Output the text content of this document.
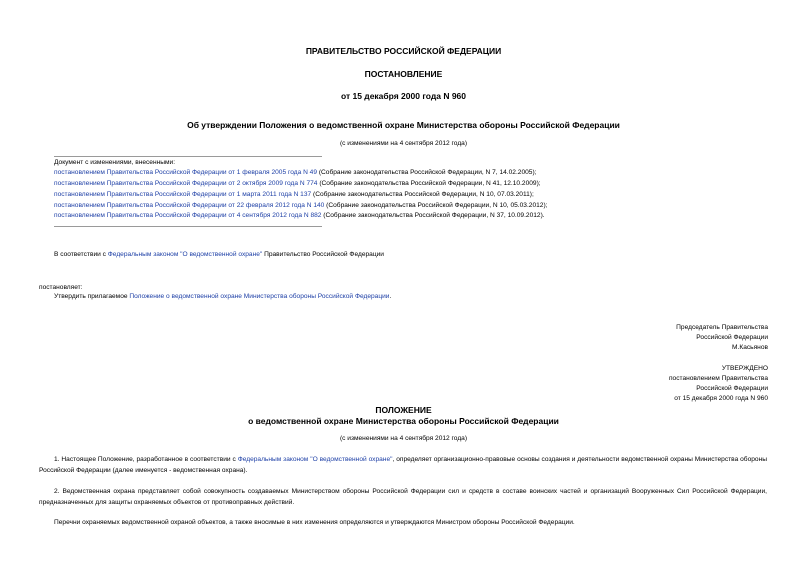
ПРАВИТЕЛЬСТВО РОССИЙСКОЙ ФЕДЕРАЦИИ
ПОСТАНОВЛЕНИЕ
от 15 декабря 2000 года N 960
Об утверждении Положения о ведомственной охране Министерства обороны Российской Федерации
(с изменениями на 4 сентября 2012 года)
Документ с изменениями, внесенными:
постановлением Правительства Российской Федерации от 1 февраля 2005 года N 49 (Собрание законодательства Российской Федерации, N 7, 14.02.2005);
постановлением Правительства Российской Федерации от 2 октября 2009 года N 774 (Собрание законодательства Российской Федерации, N 41, 12.10.2009);
постановлением Правительства Российской Федерации от 1 марта 2011 года N 137 (Собрание законодательства Российской Федерации, N 10, 07.03.2011);
постановлением Правительства Российской Федерации от 22 февраля 2012 года N 140 (Собрание законодательства Российской Федерации, N 10, 05.03.2012);
постановлением Правительства Российской Федерации от 4 сентября 2012 года N 882 (Собрание законодательства Российской Федерации, N 37, 10.09.2012).
В соответствии с Федеральным законом "О ведомственной охране" Правительство Российской Федерации
постановляет:
Утвердить прилагаемое Положение о ведомственной охране Министерства обороны Российской Федерации.
Председатель Правительства
Российской Федерации
М.Касьянов
УТВЕРЖДЕНО
постановлением Правительства
Российской Федерации
от 15 декабря 2000 года N 960
ПОЛОЖЕНИЕ
о ведомственной охране Министерства обороны Российской Федерации
(с изменениями на 4 сентября 2012 года)
1. Настоящее Положение, разработанное в соответствии с Федеральным законом "О ведомственной охране", определяет организационно-правовые основы создания и деятельности ведомственной охраны Министерства обороны Российской Федерации (далее именуется - ведомственная охрана).
2. Ведомственная охрана представляет собой совокупность создаваемых Министерством обороны Российской Федерации сил и средств в составе воинских частей и организаций Вооруженных Сил Российской Федерации, предназначенных для защиты охраняемых объектов от противоправных действий.
Перечни охраняемых ведомственной охраной объектов, а также вносимые в них изменения определяются и утверждаются Министром обороны Российской Федерации.
